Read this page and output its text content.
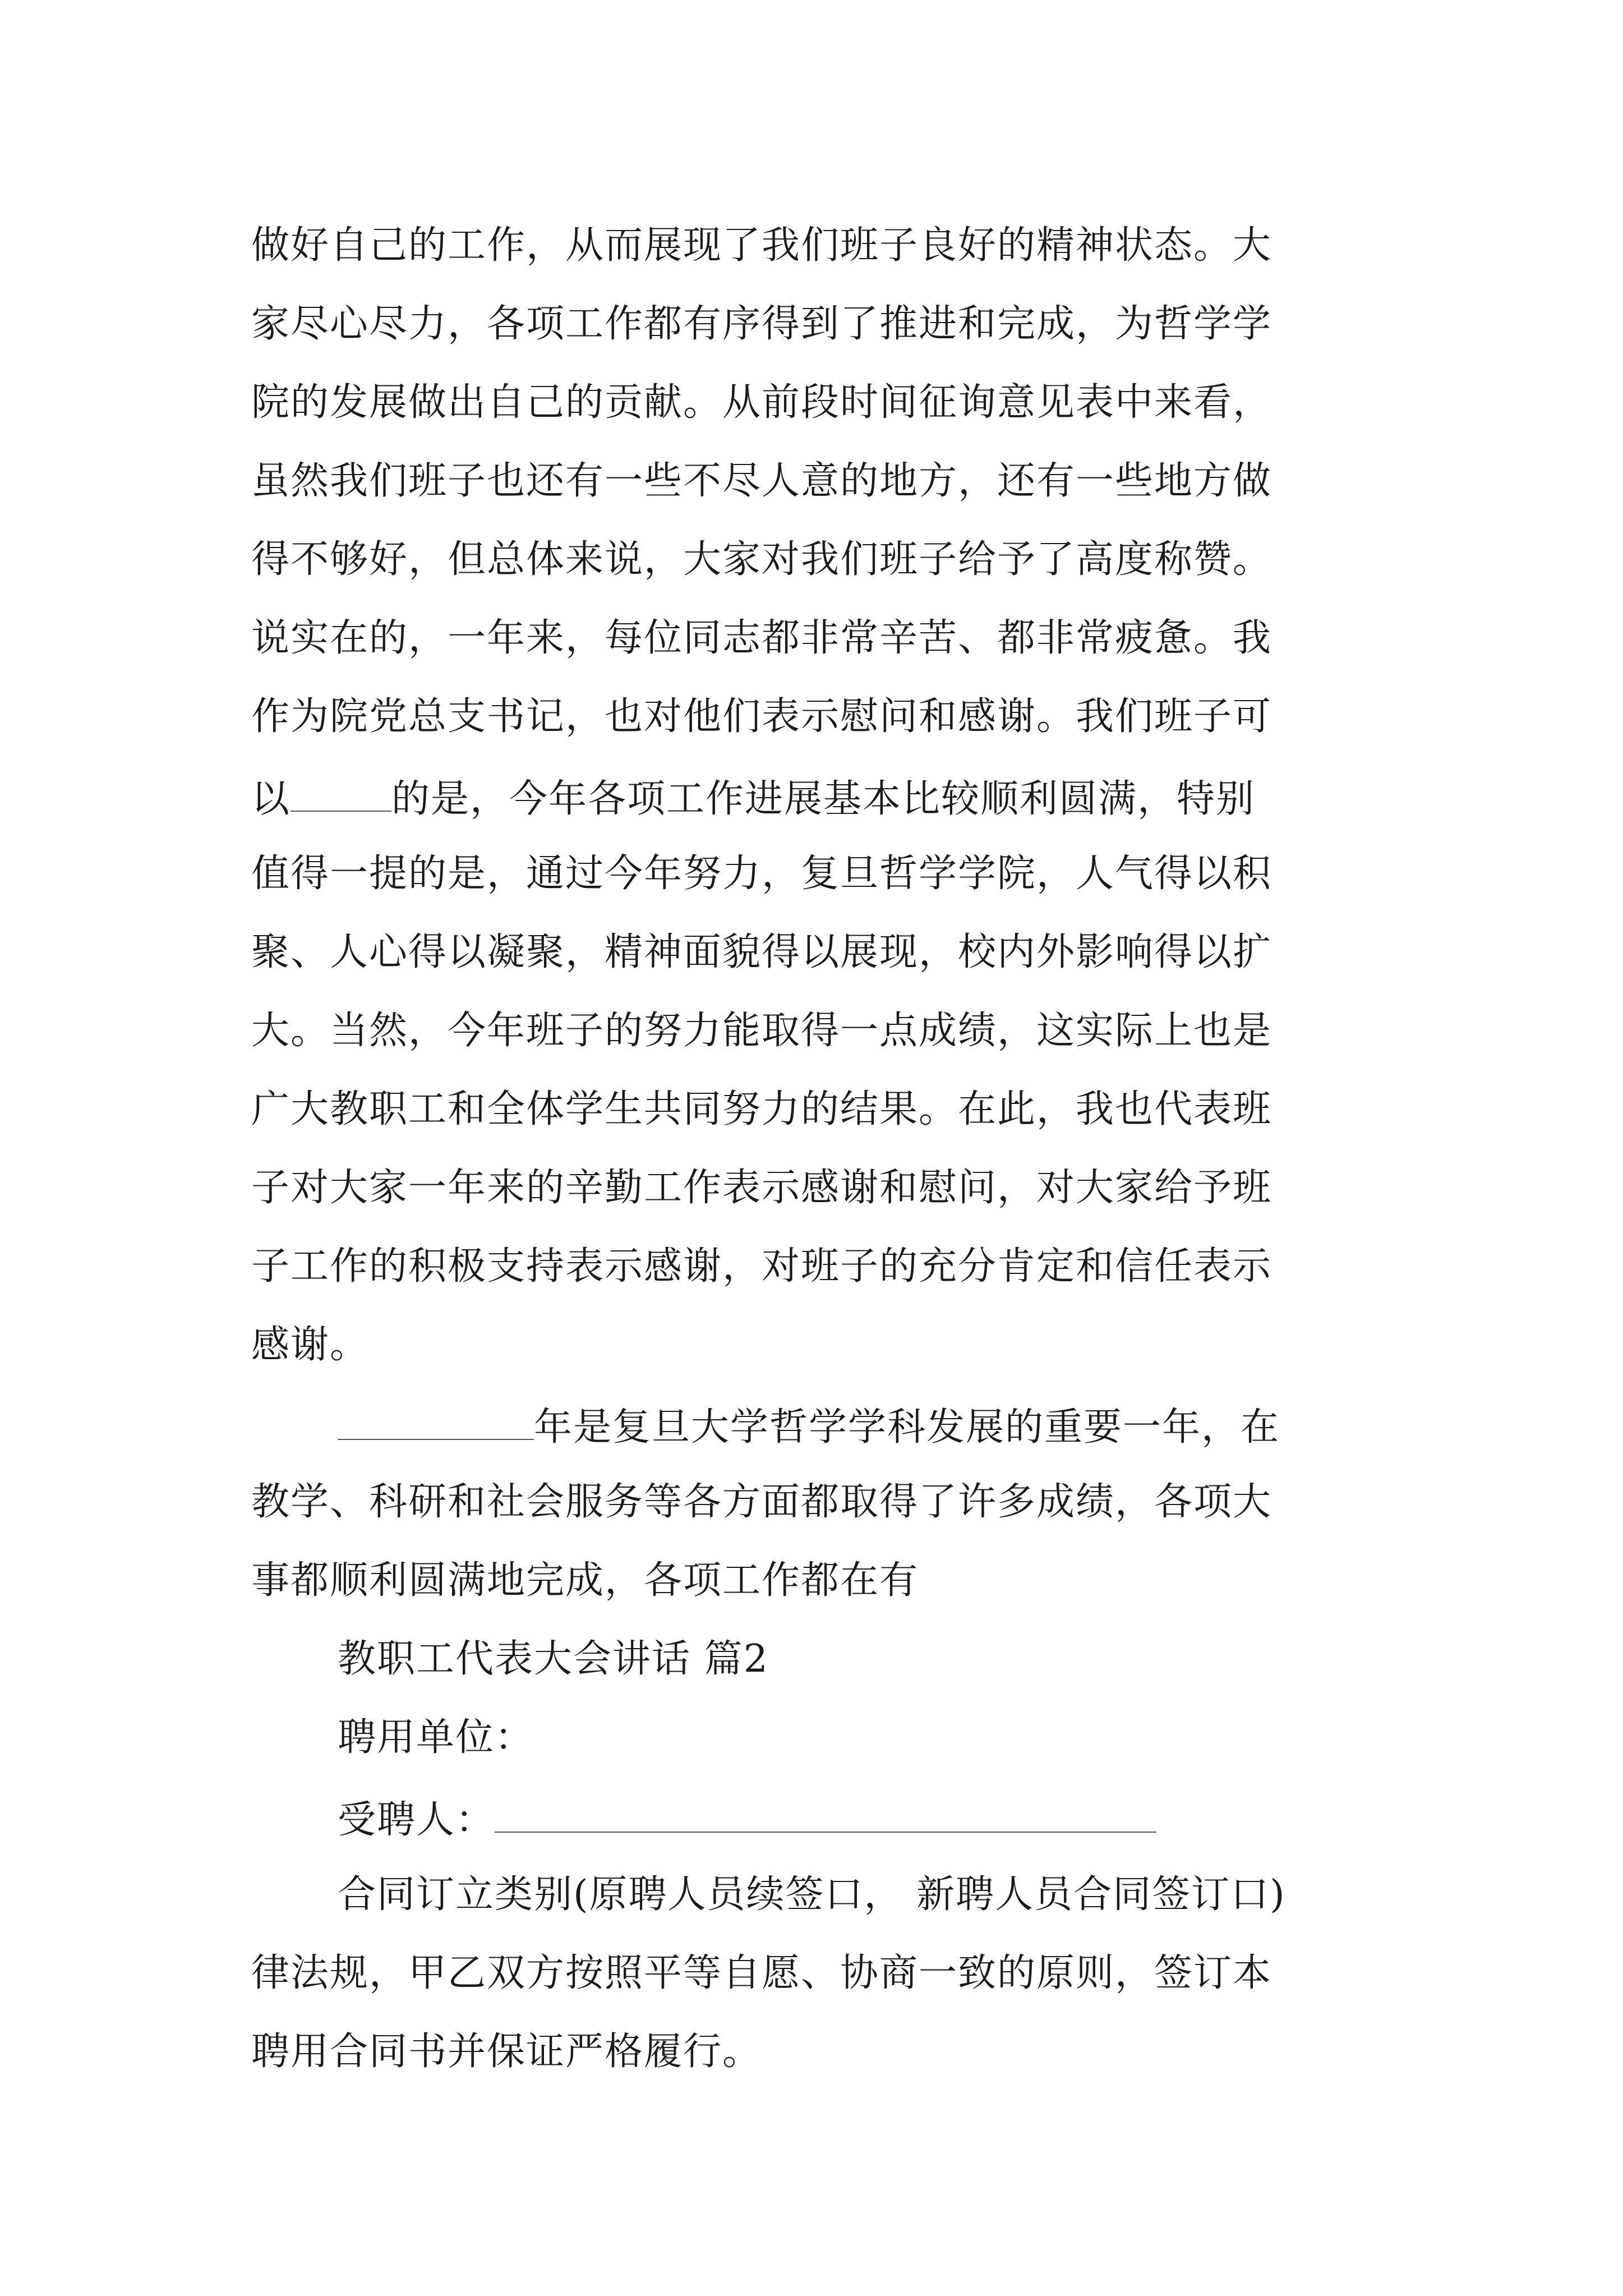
做好自己的工作，从而展现了我们班子良好的精神状态。大
家尽心尽力，各项工作都有序得到了推进和完成，为哲学学
院的发展做出自己的贡献。从前段时间征询意见表中来看，
虽然我们班子也还有一些不尽人意的地方，还有一些地方做
得不够好，但总体来说，大家对我们班子给予了高度称赞。
说实在的，一年来，每位同志都非常辛苦、都非常疲惫。我
作为院党总支书记，也对他们表示慰问和感谢。我们班子可
以	的是，今年各项工作进展基本比较顺利圆满，特别
值得一提的是，通过今年努力，复旦哲学学院，人气得以积
聚、人心得以凝聚，精神面貌得以展现，校内外影响得以扩
大。当然，今年班子的努力能取得一点成绩，这实际上也是
广大教职工和全体学生共同努力的结果。在此，我也代表班
子对大家一年来的辛勤工作表示感谢和慰问，对大家给予班
子工作的积极支持表示感谢，对班子的充分肯定和信任表示
感谢。
年是复旦大学哲学学科发展的重要一年，在
教学、科研和社会服务等各方面都取得了许多成绩，各项大
事都顺利圆满地完成，各项工作都在有
教职工代表大会讲话 篇2
聘用单位：
受聘人：
合同订立类别(原聘人员续签口， 新聘人员合同签订口)
律法规，甲乙双方按照平等自愿、协商一致的原则，签订本
聘用合同书并保证严格履行。
